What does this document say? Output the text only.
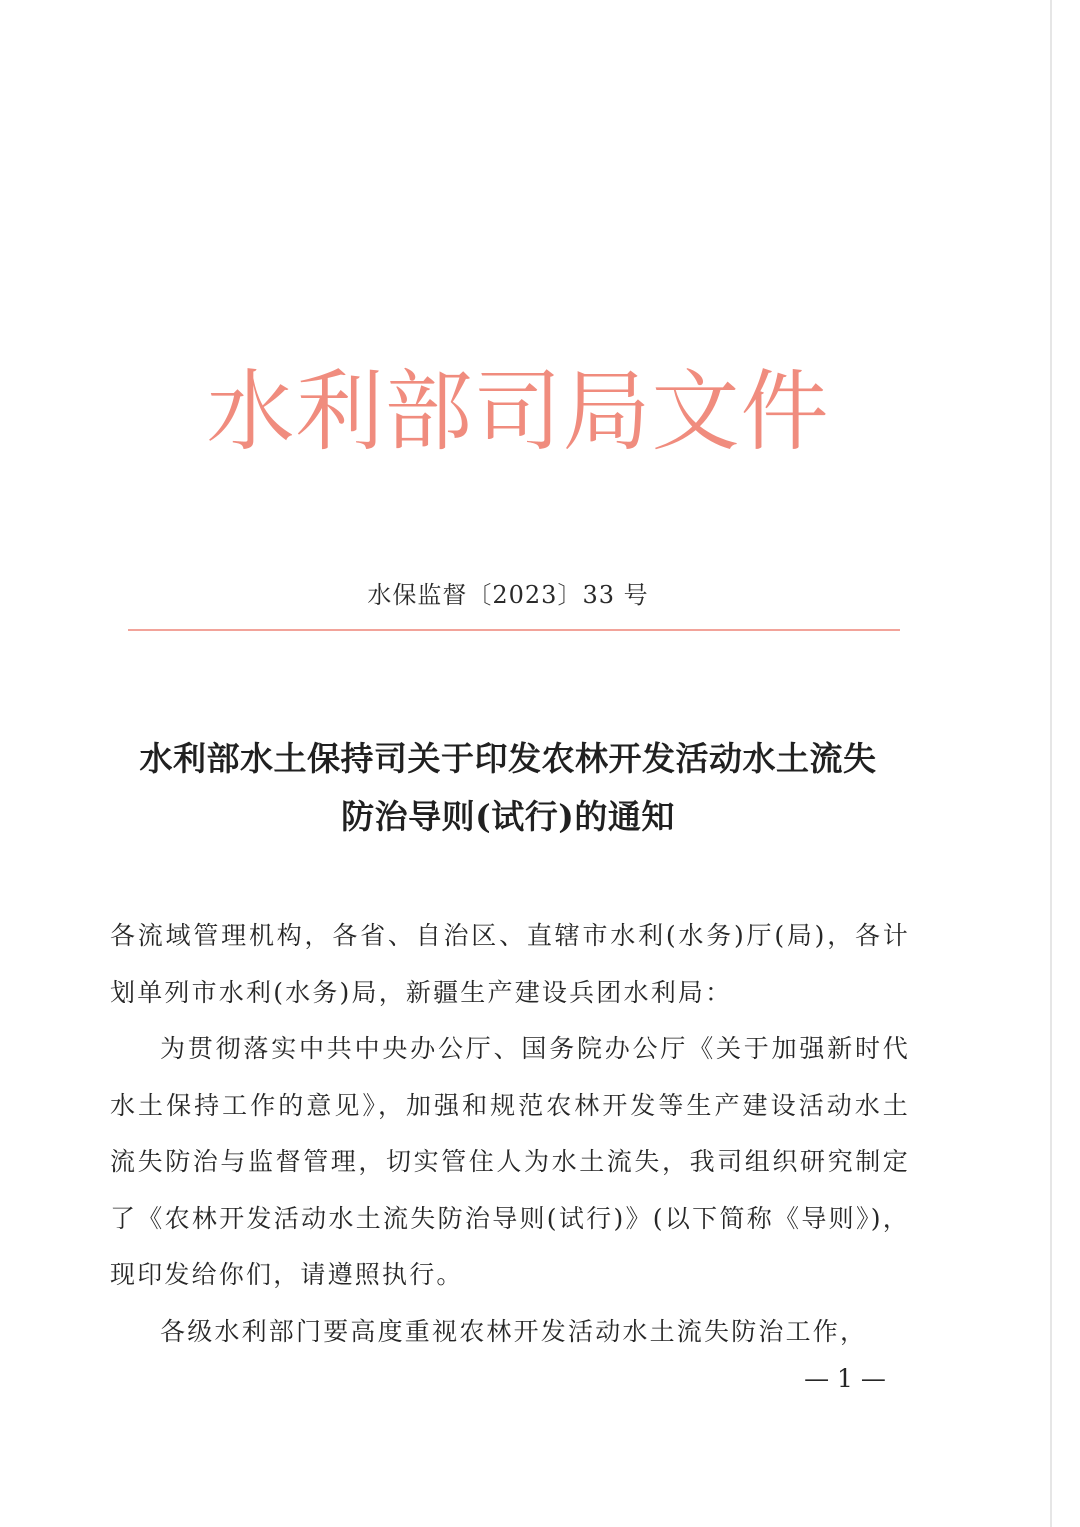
水利部司局文件
水保监督〔2023〕33 号
水利部水土保持司关于印发农林开发活动水土流失
防治导则(试行)的通知

各流域管理机构，各省、自治区、直辖市水利(水务)厅(局)，各计划单列市水利(水务)局，新疆生产建设兵团水利局：

为贯彻落实中共中央办公厅、国务院办公厅《关于加强新时代水土保持工作的意见》，加强和规范农林开发等生产建设活动水土流失防治与监督管理，切实管住人为水土流失，我司组织研究制定了《农林开发活动水土流失防治导则(试行)》(以下简称《导则》)，现印发给你们，请遵照执行。

各级水利部门要高度重视农林开发活动水土流失防治工作，

— 1 —
